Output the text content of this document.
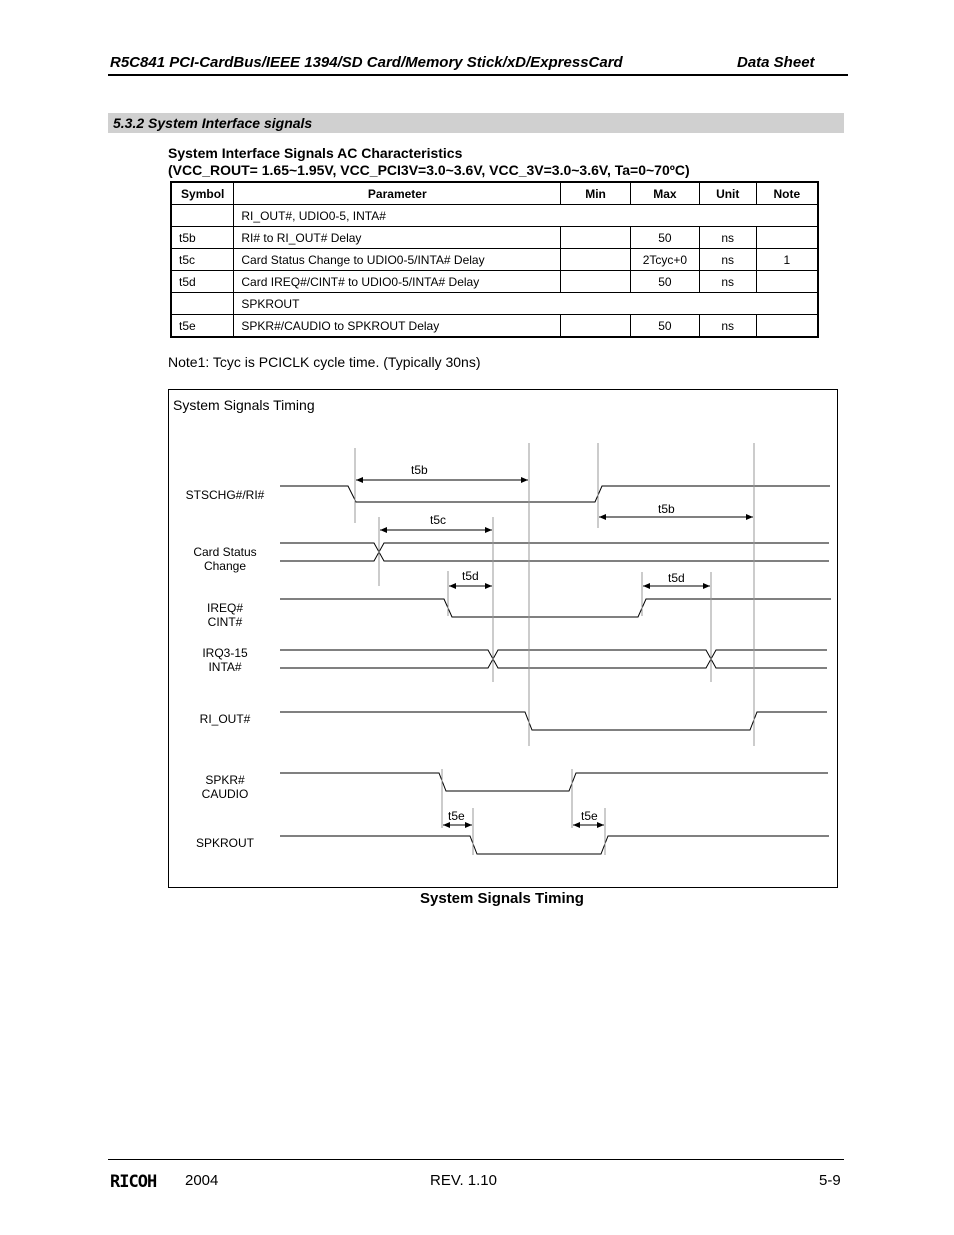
R5C841 PCI-CardBus/IEEE 1394/SD Card/Memory Stick/xD/ExpressCard	Data Sheet
5.3.2 System Interface signals
System Interface Signals AC Characteristics
(VCC_ROUT= 1.65~1.95V, VCC_PCI3V=3.0~3.6V, VCC_3V=3.0~3.6V, Ta=0~70ºC)
Symbol	Parameter	Min	Max	Unit	Note
	RI_OUT#, UDIO0-5, INTA#				
t5b	RI# to RI_OUT# Delay		50	ns	
t5c	Card Status Change to UDIO0-5/INTA# Delay		2Tcyc+0	ns	1
t5d	Card IREQ#/CINT# to UDIO0-5/INTA# Delay		50	ns	
	SPKROUT				
t5e	SPKR#/CAUDIO to SPKROUT Delay		50	ns	
Note1: Tcyc is PCICLK cycle time. (Typically 30ns)
System Signals Timing
STSCHG#/RI#
Card Status
Change
IREQ#
CINT#
IRQ3-15
INTA#
RI_OUT#
SPKR#
CAUDIO
SPKROUT
t5b
t5b
t5c
t5d	t5d
t5e	t5e
System Signals Timing
RICOH 2004	REV. 1.10	5-9
